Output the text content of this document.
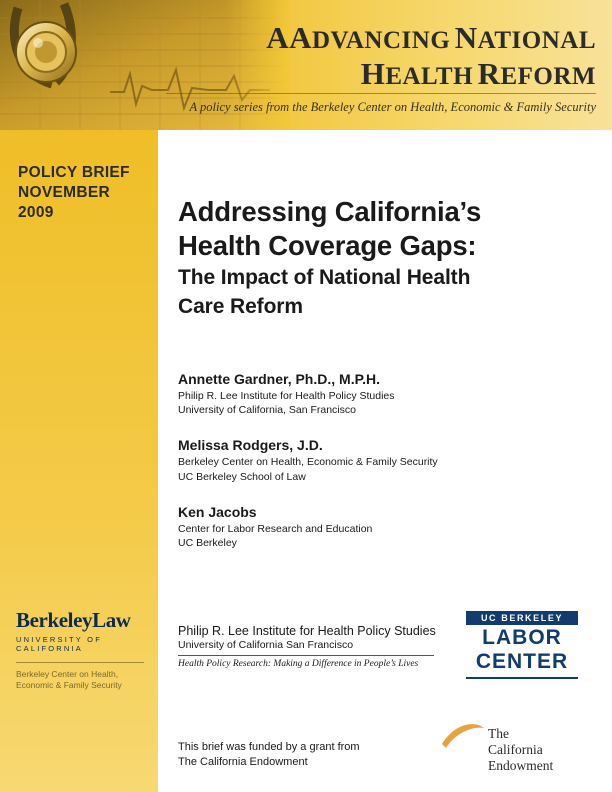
AADVANCING NATIONAL
HEALTH REFORM
A policy series from the Berkeley Center on Health, Economic & Family Security
POLICY BRIEF
NOVEMBER
2009	Addressing California’s
Health Coverage Gaps:
The Impact of National Health
Care Reform
Annette Gardner, Ph.D., M.P.H.
Philip R. Lee Institute for Health Policy Studies
University of California, San Francisco
Melissa Rodgers, J.D.
Berkeley Center on Health, Economic & Family Security
UC Berkeley School of Law
Ken Jacobs
Center for Labor Research and Education
UC Berkeley
BerkeleyLaw
UNIVERSITY OF CALIFORNIA
Berkeley Center on Health,
Economic & Family Security
Philip R. Lee Institute for Health Policy Studies
University of California San Francisco
Health Policy Research: Making a Difference in People’s Lives
UC BERKELEY
LABOR
CENTER
This brief was funded by a grant from
The California Endowment
The
California
Endowment
